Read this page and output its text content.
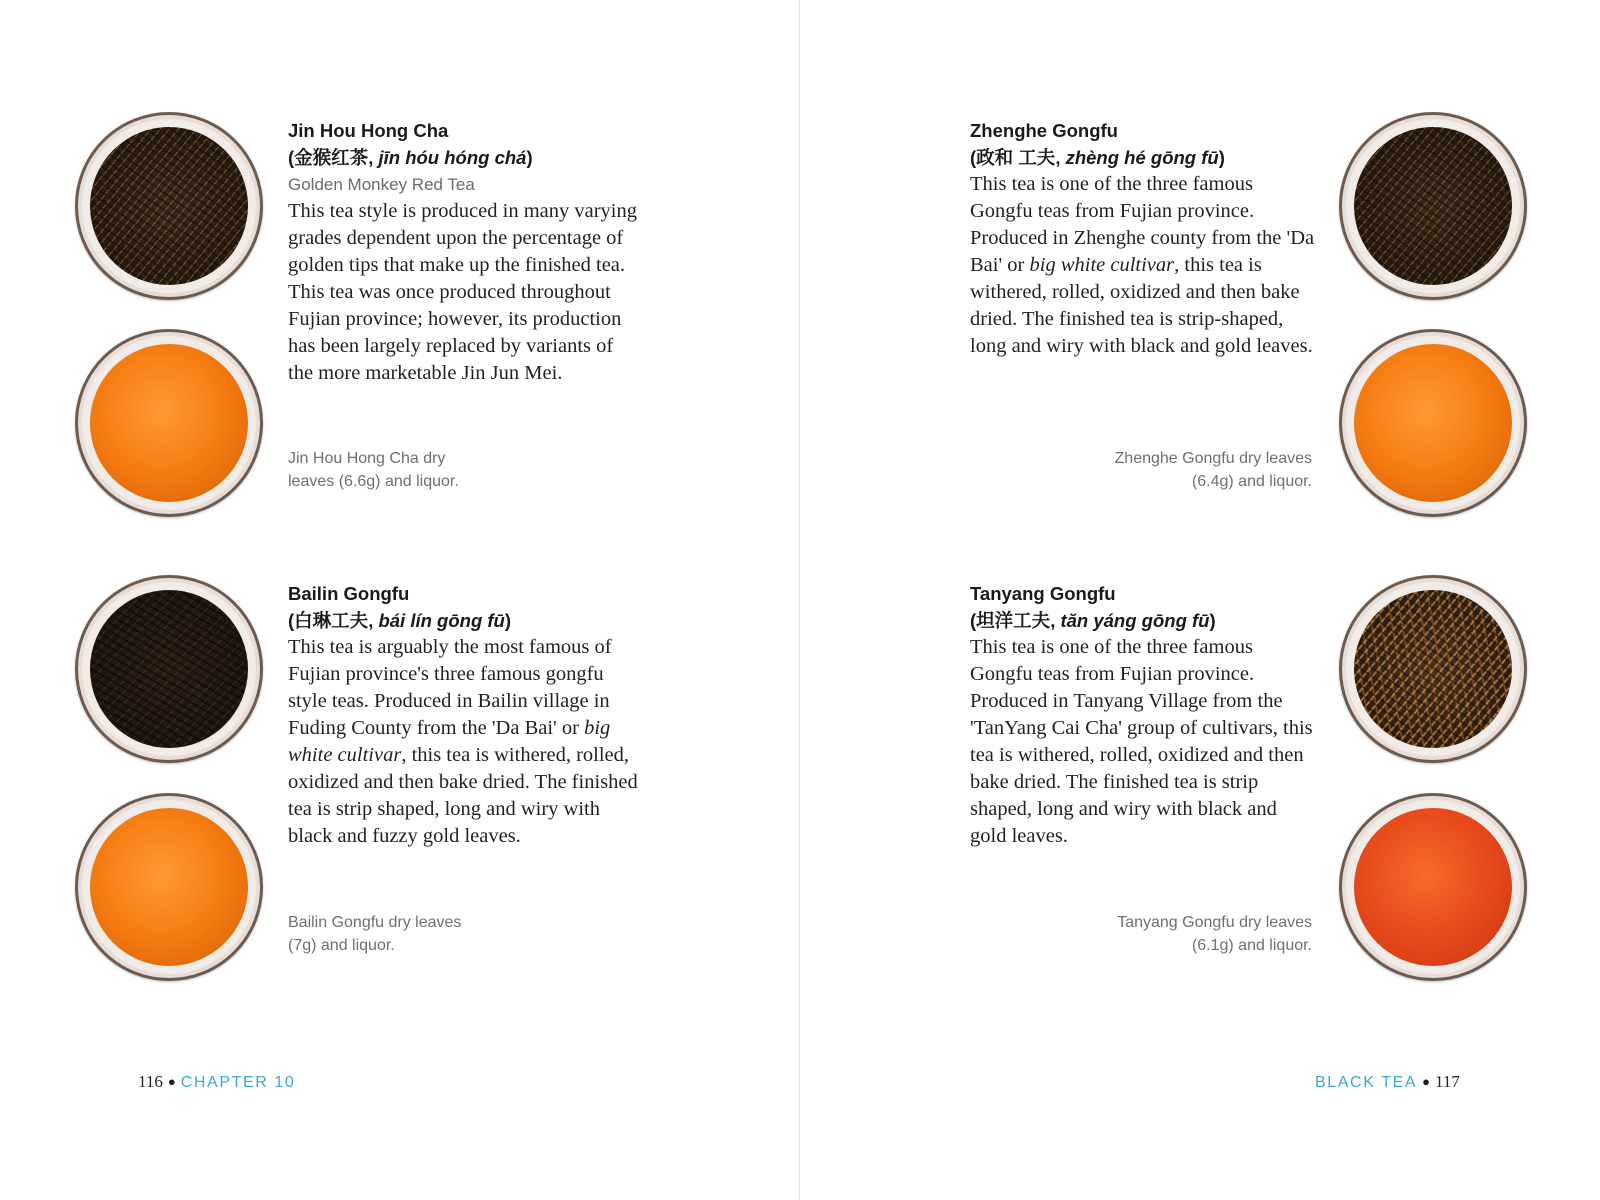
Jin Hou Hong Cha
(金猴红茶, jīn hóu hóng chá)
Golden Monkey Red Tea
This tea style is produced in many varying grades dependent upon the percentage of golden tips that make up the finished tea. This tea was once produced throughout Fujian province; however, its production has been largely replaced by variants of the more marketable Jin Jun Mei.
Jin Hou Hong Cha dry leaves (6.6g) and liquor.
Bailin Gongfu
(白琳工夫, bái lín gōng fū)
This tea is arguably the most famous of Fujian province's three famous gongfu style teas. Produced in Bailin village in Fuding County from the 'Da Bai' or big white cultivar, this tea is withered, rolled, oxidized and then bake dried. The finished tea is strip shaped, long and wiry with black and fuzzy gold leaves.
Bailin Gongfu dry leaves (7g) and liquor.
116 ● CHAPTER 10
Zhenghe Gongfu
(政和 工夫, zhèng hé gōng fū)
This tea is one of the three famous Gongfu teas from Fujian province. Produced in Zhenghe county from the 'Da Bai' or big white cultivar, this tea is withered, rolled, oxidized and then bake dried. The finished tea is strip-shaped, long and wiry with black and gold leaves.
Zhenghe Gongfu dry leaves (6.4g) and liquor.
Tanyang Gongfu
(坦洋工夫, tăn yáng gōng fū)
This tea is one of the three famous Gongfu teas from Fujian province. Produced in Tanyang Village from the 'TanYang Cai Cha' group of cultivars, this tea is withered, rolled, oxidized and then bake dried. The finished tea is strip shaped, long and wiry with black and gold leaves.
Tanyang Gongfu dry leaves (6.1g) and liquor.
BLACK TEA ● 117
